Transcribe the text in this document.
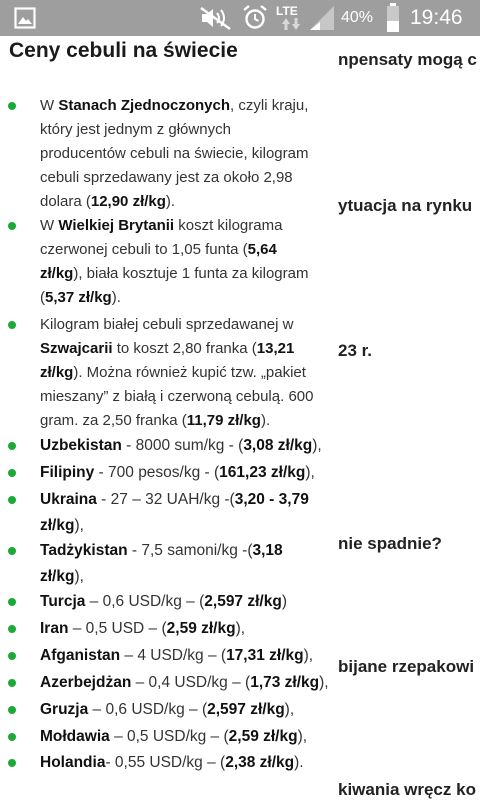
LTE	40%	19:46
npensaty mogą c
ytuacja na rynku
23 r.
nie spadnie?
bijane rzepakowi
kiwania wręcz ko
Ceny cebuli na świecie
W Stanach Zjednoczonych, czyli kraju,
który jest jednym z głównych
producentów cebuli na świecie, kilogram
cebuli sprzedawany jest za około 2,98
dolara (12,90 zł/kg).
W Wielkiej Brytanii koszt kilograma
czerwonej cebuli to 1,05 funta (5,64
zł/kg), biała kosztuje 1 funta za kilogram
(5,37 zł/kg).
Kilogram białej cebuli sprzedawanej w
Szwajcarii to koszt 2,80 franka (13,21
zł/kg). Można również kupić tzw. „pakiet
mieszany” z białą i czerwoną cebulą. 600
gram. za 2,50 franka (11,79 zł/kg).
Uzbekistan - 8000 sum/kg - (3,08 zł/kg),
Filipiny - 700 pesos/kg - (161,23 zł/kg),
Ukraina - 27 – 32 UAH/kg -(3,20 - 3,79
zł/kg),
Tadżykistan - 7,5 samoni/kg -(3,18
zł/kg),
Turcja – 0,6 USD/kg – (2,597 zł/kg)
Iran – 0,5 USD – (2,59 zł/kg),
Afganistan – 4 USD/kg – (17,31 zł/kg),
Azerbejdżan – 0,4 USD/kg – (1,73 zł/kg),
Gruzja – 0,6 USD/kg – (2,597 zł/kg),
Mołdawia – 0,5 USD/kg – (2,59 zł/kg),
Holandia- 0,55 USD/kg – (2,38 zł/kg).
